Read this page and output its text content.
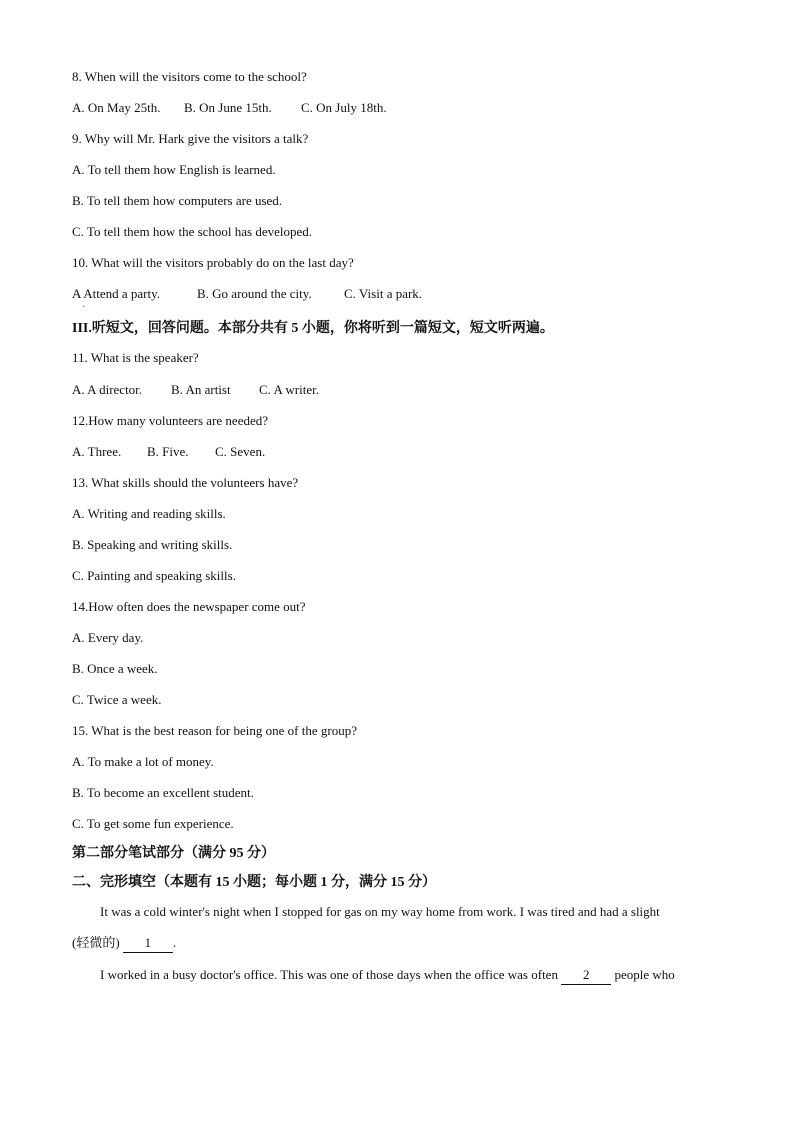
8. When will the visitors come to the school?

A. On May 25th.	B. On June 15th.	C. On July 18th.

9. Why will Mr. Hark give the visitors a talk?

A. To tell them how English is learned.

B. To tell them how computers are used.

C. To tell them how the school has developed.

10. What will the visitors probably do on the last day?

A Attend a party.	B. Go around the city.	C. Visit a park.

·

III.听短文，回答问题。本部分共有 5 小题，你将听到一篇短文，短文听两遍。

11. What is the speaker?

A. A director.	B. An artist	C. A writer.

12.How many volunteers are needed?

A. Three.	B. Five.	C. Seven.

13. What skills should the volunteers have?

A. Writing and reading skills.

B. Speaking and writing skills.

C. Painting and speaking skills.

14.How often does the newspaper come out?

A. Every day.

B. Once a week.

C. Twice a week.

15. What is the best reason for being one of the group?

A. To make a lot of money.

B. To become an excellent student.

C. To get some fun experience.

第二部分笔试部分（满分 95 分）

二、完形填空（本题有 15 小题；每小题 1 分，满分 15 分）

It was a cold winter's night when I stopped for gas on my way home from work. I was tired and had a slight

(轻微的) 1 .

I worked in a busy doctor's office. This was one of those days when the office was often 2 people who
